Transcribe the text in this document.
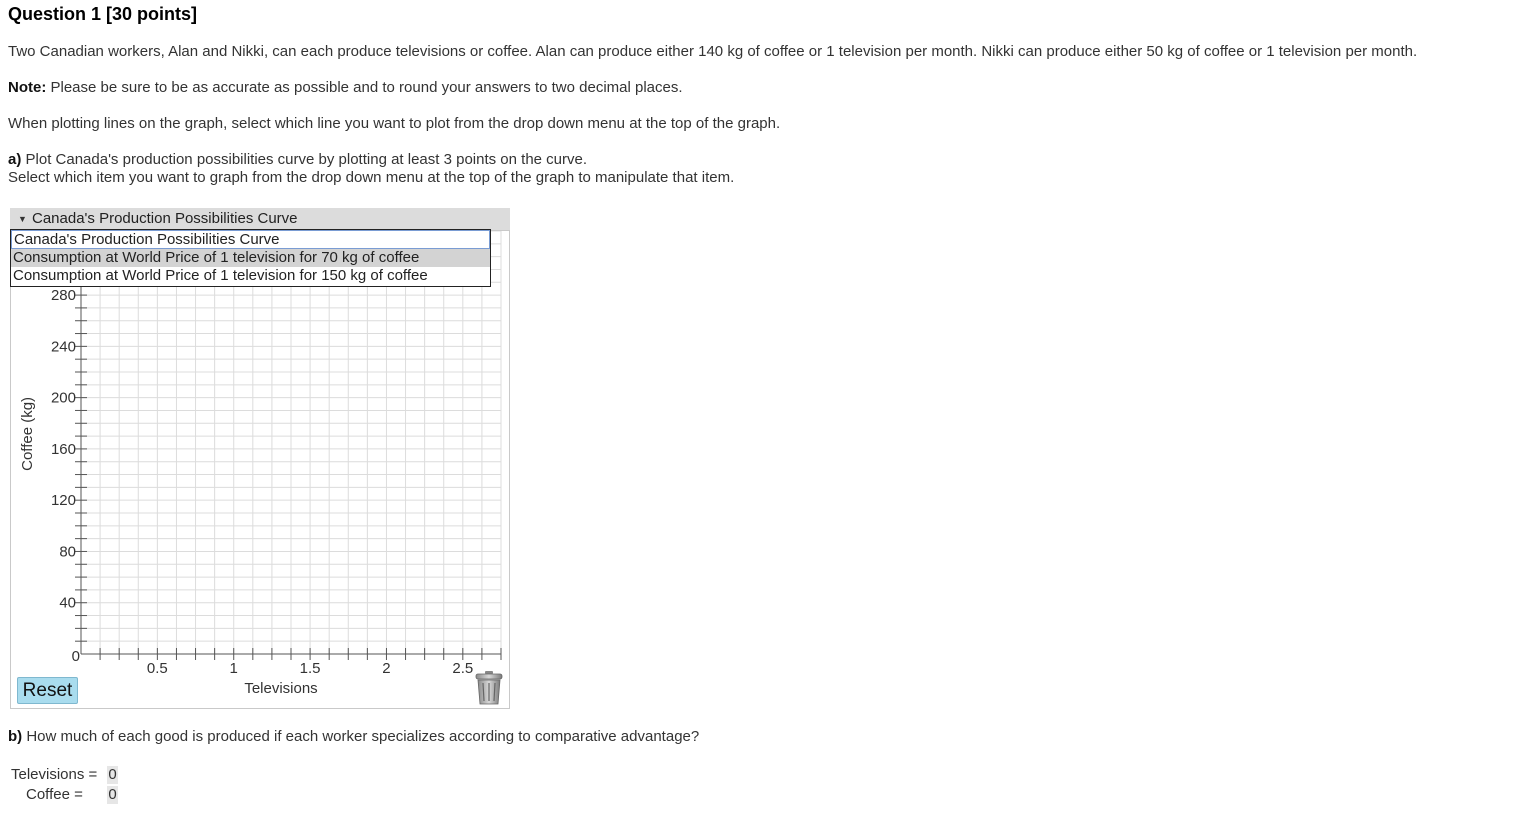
Question 1 [30 points]
Two Canadian workers, Alan and Nikki, can each produce televisions or coffee. Alan can produce either 140 kg of coffee or 1 television per month. Nikki can produce either 50 kg of coffee or 1 television per month.
Note: Please be sure to be as accurate as possible and to round your answers to two decimal places.
When plotting lines on the graph, select which line you want to plot from the drop down menu at the top of the graph.
a) Plot Canada's production possibilities curve by plotting at least 3 points on the curve.
Select which item you want to graph from the drop down menu at the top of the graph to manipulate that item.
▼ Canada's Production Possibilities Curve
40
80
120
160
200
240
280
0.5	1	1.5	2	2.5
0
Televisions
Coffee (kg)
Canada's Production Possibilities Curve
Consumption at World Price of 1 television for 70 kg of coffee
Consumption at World Price of 1 television for 150 kg of coffee
Reset
b) How much of each good is produced if each worker specializes according to comparative advantage?
Televisions = 0
Coffee = 0
